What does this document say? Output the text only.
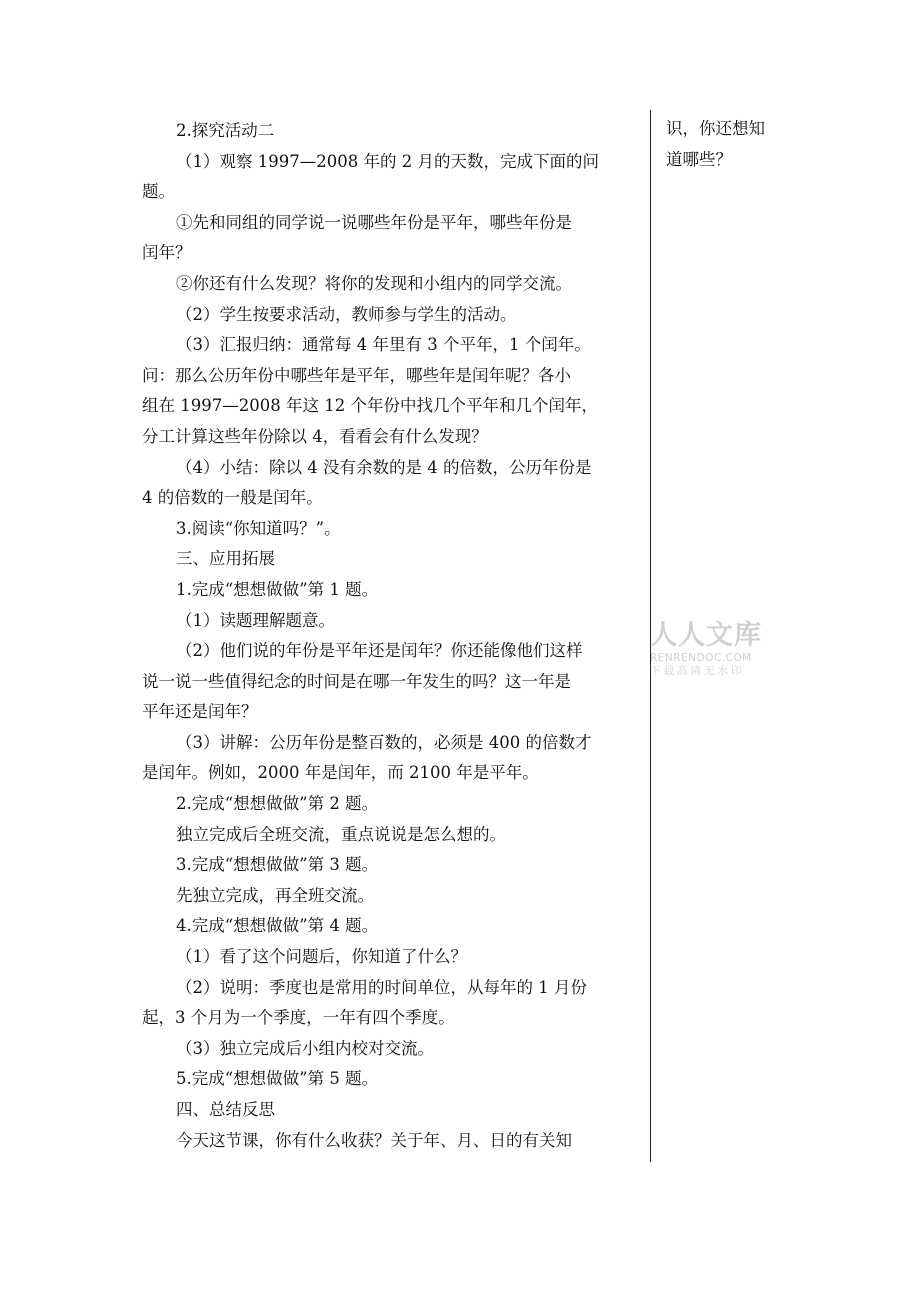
2.探究活动二

（1）观察 1997—2008 年的 2 月的天数，完成下面的问

题。

①先和同组的同学说一说哪些年份是平年，哪些年份是

闰年？

②你还有什么发现？将你的发现和小组内的同学交流。

（2）学生按要求活动，教师参与学生的活动。

（3）汇报归纳：通常每 4 年里有 3 个平年，1 个闰年。

问：那么公历年份中哪些年是平年，哪些年是闰年呢？各小

组在 1997—2008 年这 12 个年份中找几个平年和几个闰年，

分工计算这些年份除以 4，看看会有什么发现？

（4）小结：除以 4 没有余数的是 4 的倍数，公历年份是

4 的倍数的一般是闰年。

3.阅读“你知道吗？”。

三、应用拓展

1.完成“想想做做”第 1 题。

（1）读题理解题意。

（2）他们说的年份是平年还是闰年？你还能像他们这样

说一说一些值得纪念的时间是在哪一年发生的吗？这一年是

平年还是闰年？

（3）讲解：公历年份是整百数的，必须是 400 的倍数才

是闰年。例如，2000 年是闰年，而 2100 年是平年。

2.完成“想想做做”第 2 题。

独立完成后全班交流，重点说说是怎么想的。

3.完成“想想做做”第 3 题。

先独立完成，再全班交流。

4.完成“想想做做”第 4 题。

（1）看了这个问题后，你知道了什么？

（2）说明：季度也是常用的时间单位，从每年的 1 月份

起，3 个月为一个季度，一年有四个季度。

（3）独立完成后小组内校对交流。

5.完成“想想做做”第 5 题。

四、总结反思

今天这节课，你有什么收获？关于年、月、日的有关知

识，你还想知

道哪些？

人人文库
RENRENDOC.COM
下载高清无水印
